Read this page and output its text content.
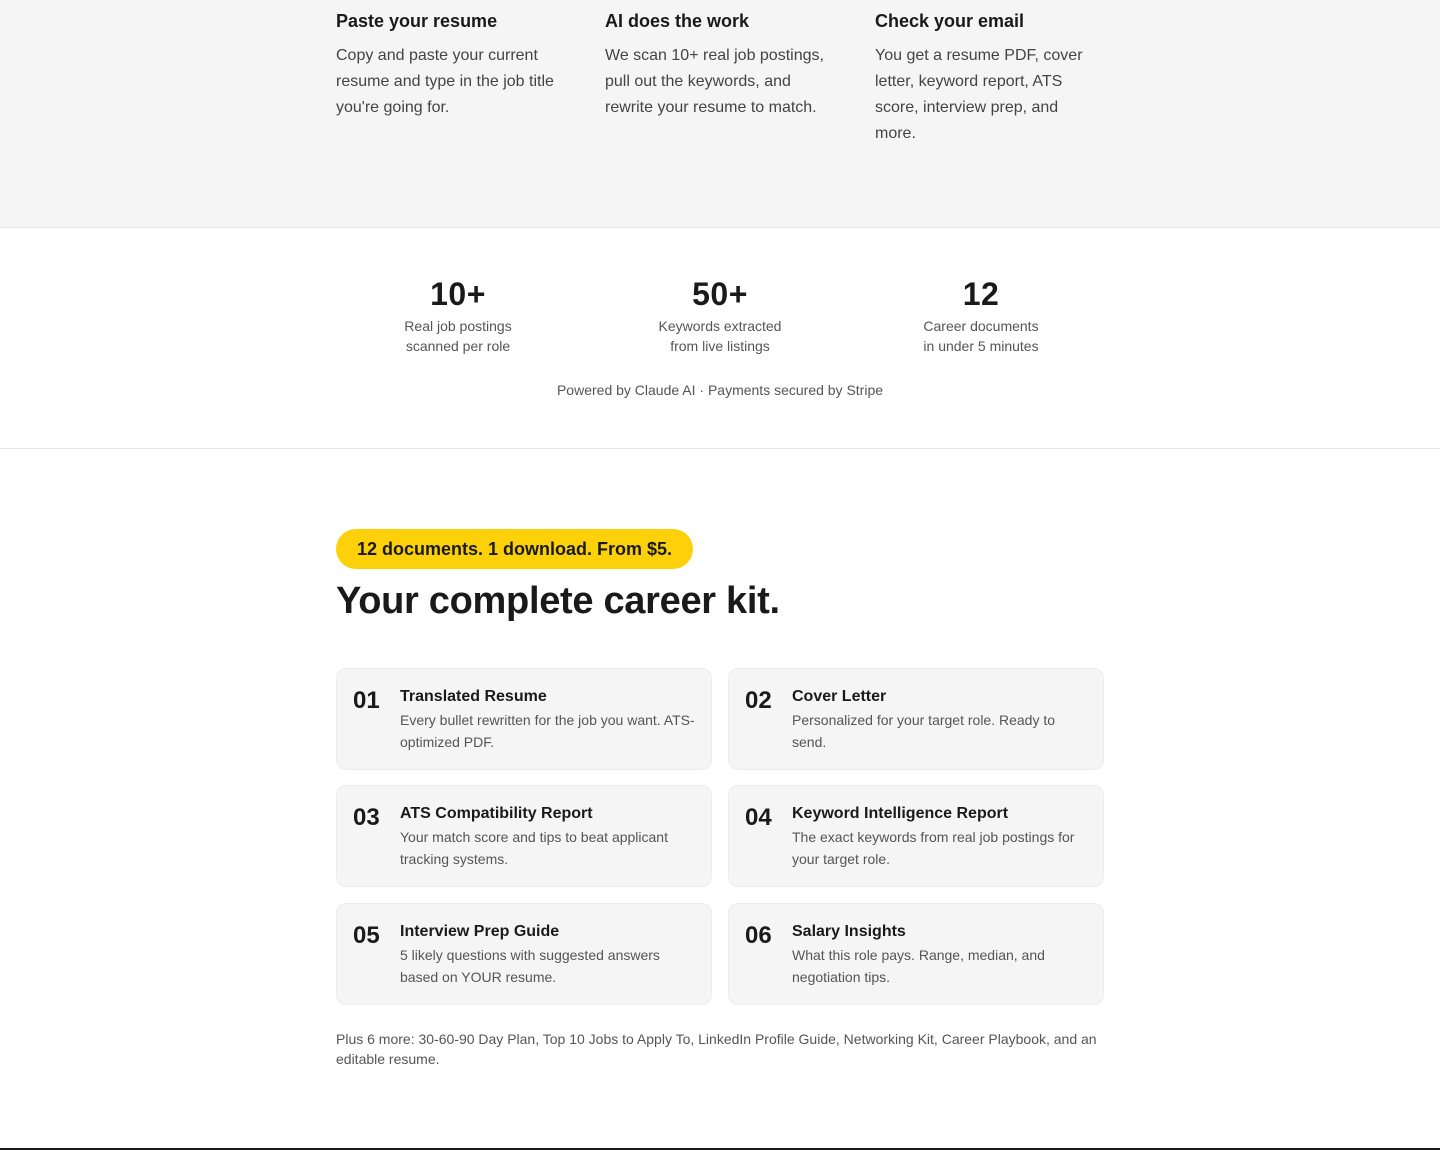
Paste your resume

Copy and paste your current resume and type in the job title you're going for.

AI does the work

We scan 10+ real job postings, pull out the keywords, and rewrite your resume to match.

Check your email

You get a resume PDF, cover letter, keyword report, ATS score, interview prep, and more.

10+
Real job postings
scanned per role
50+
Keywords extracted
from live listings
12
Career documents
in under 5 minutes
Powered by Claude AI · Payments secured by Stripe
12 documents. 1 download. From $5.
Your complete career kit.
01 Translated Resume
Every bullet rewritten for the job you want. ATS-optimized PDF.
02 Cover Letter
Personalized for your target role. Ready to send.
03 ATS Compatibility Report
Your match score and tips to beat applicant tracking systems.
04 Keyword Intelligence Report
The exact keywords from real job postings for your target role.
05 Interview Prep Guide
5 likely questions with suggested answers based on YOUR resume.
06 Salary Insights
What this role pays. Range, median, and negotiation tips.

Plus 6 more: 30-60-90 Day Plan, Top 10 Jobs to Apply To, LinkedIn Profile Guide, Networking Kit, Career Playbook, and an editable resume.
